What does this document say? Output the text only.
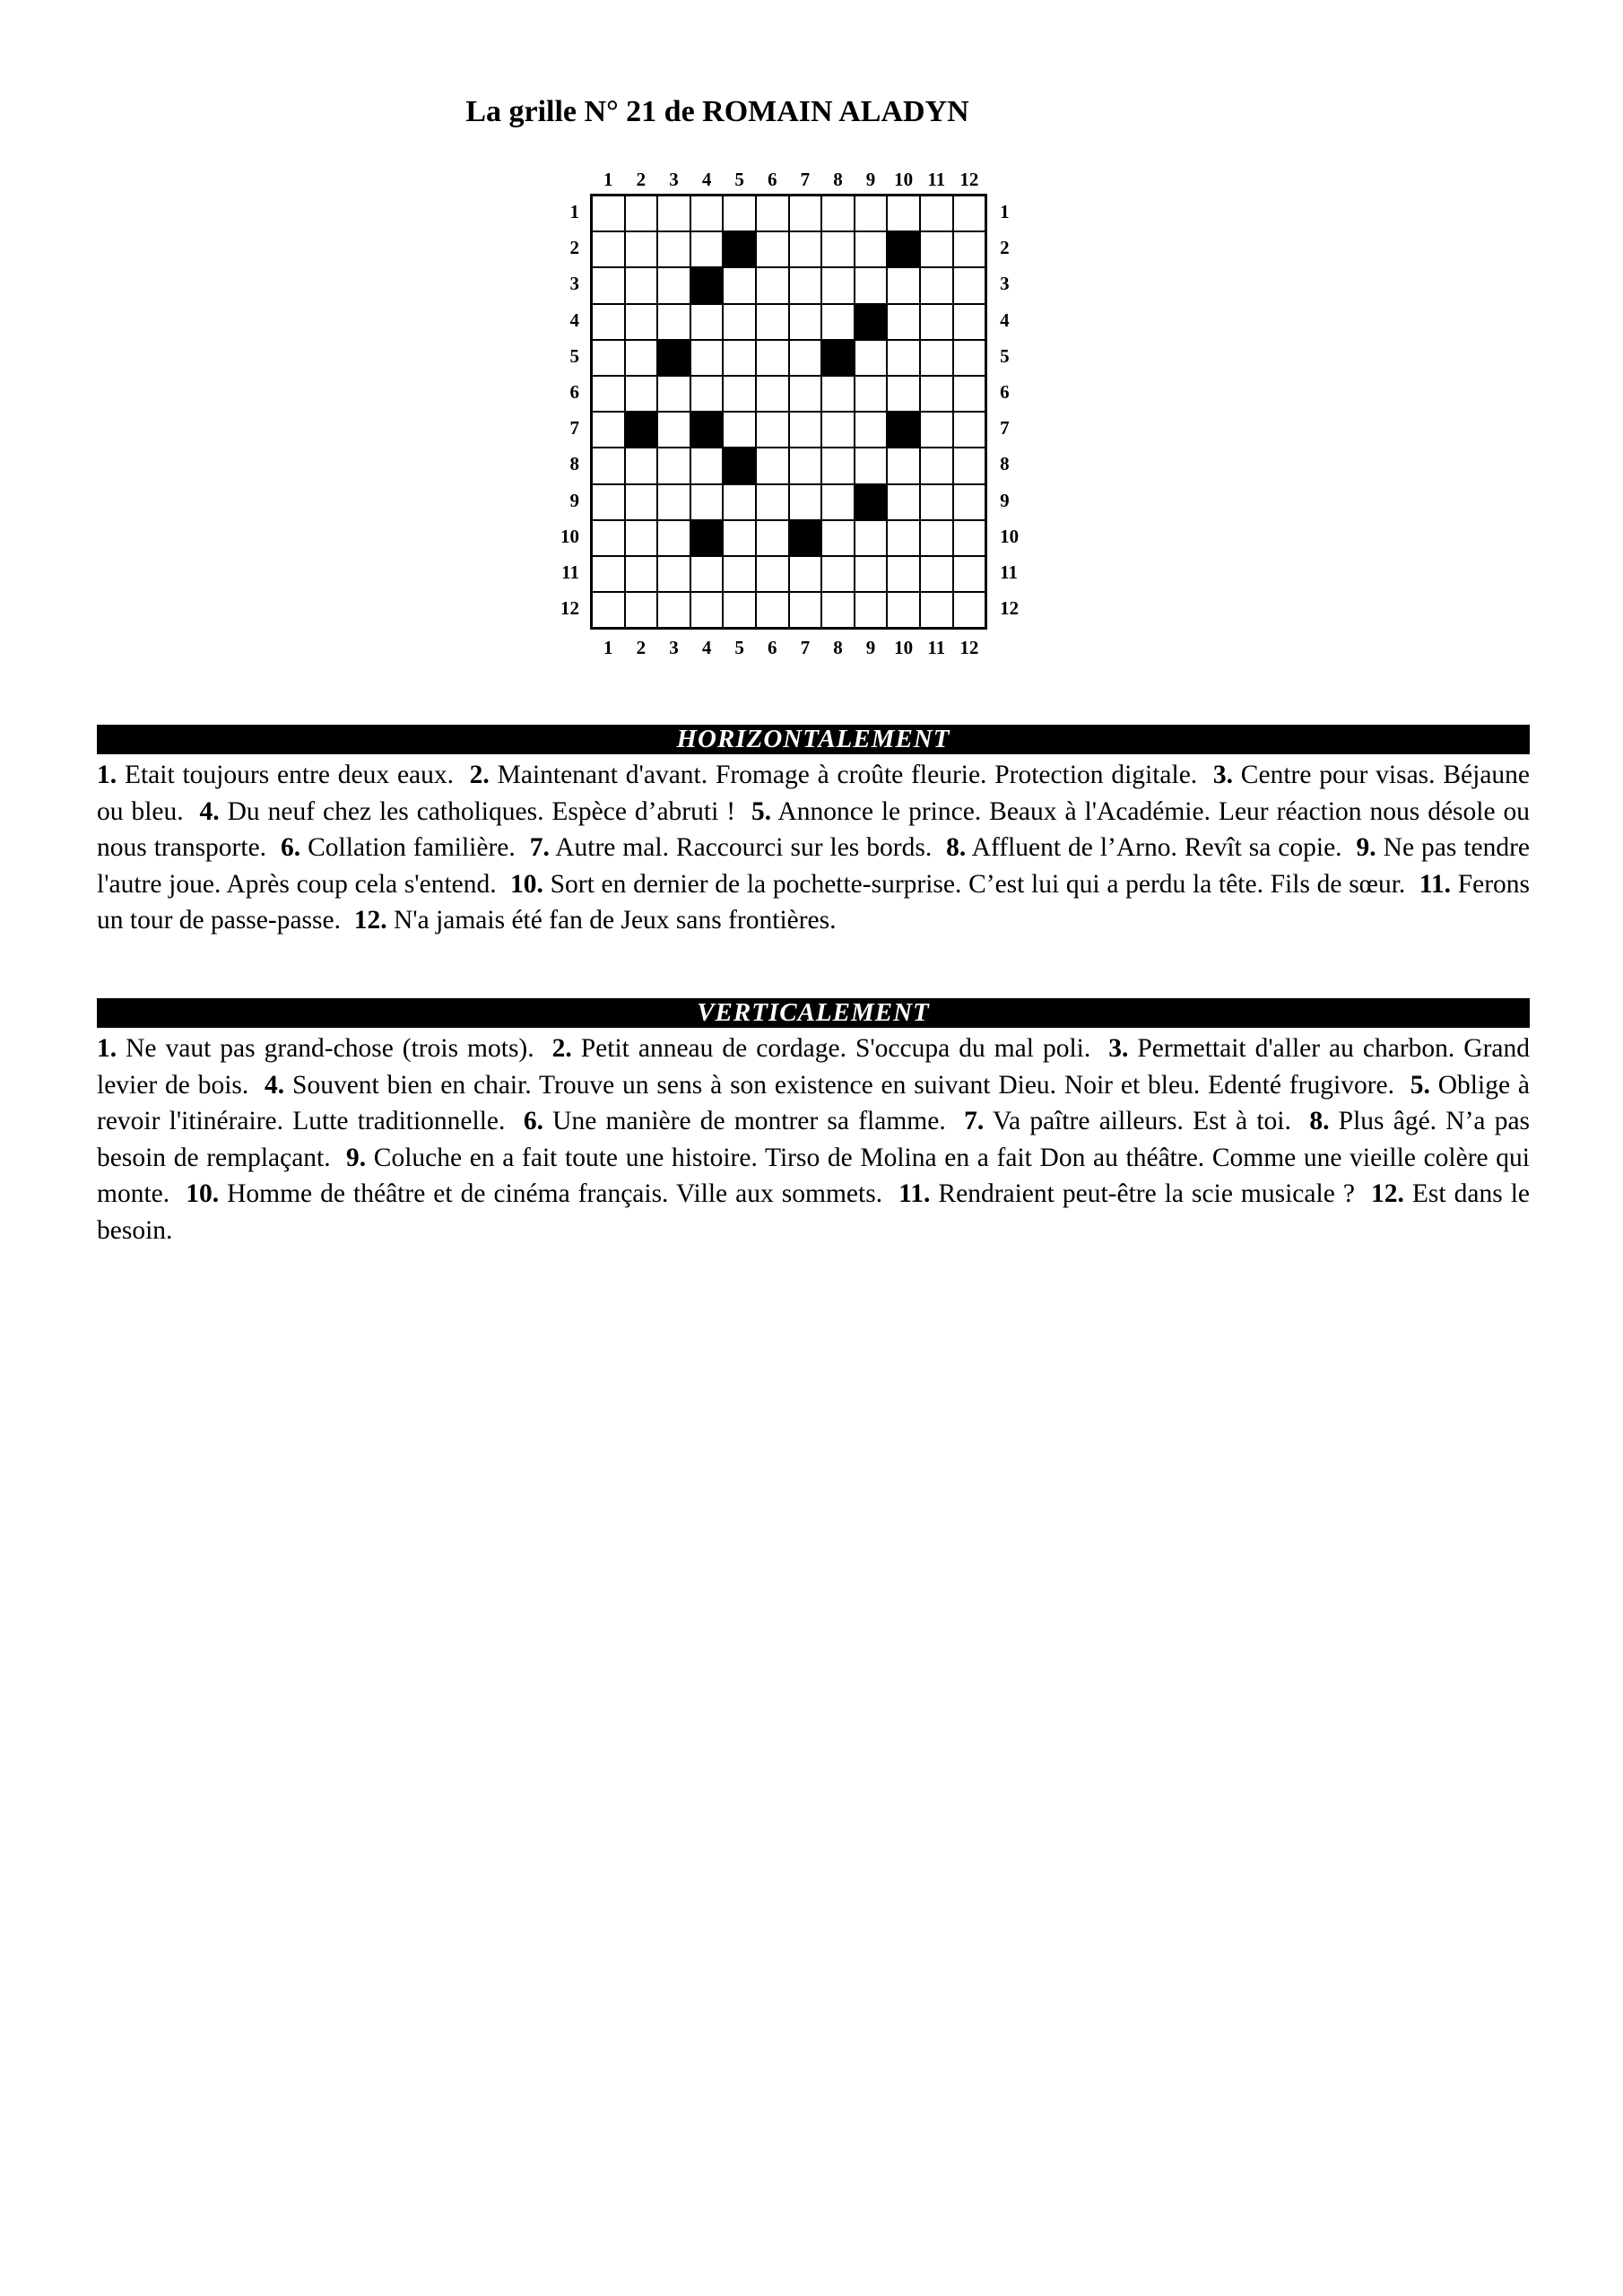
La grille N° 21 de ROMAIN ALADYN
1	2	3	4	5	6	7	8	9 10 11 12
1
2
3
4
5
6
7
8
9
10
11
12
1
2
3
4
5
6
7
8
9
10
11
12
1	2	3	4	5	6	7	8	9 10 11 12
HORIZONTALEMENT

1. Etait toujours entre deux eaux. 2. Maintenant d'avant. Fromage à croûte fleurie. Protection digitale. 3. Centre pour visas. Béjaune ou bleu. 4. Du neuf chez les catholiques. Espèce d’abruti ! 5. Annonce le prince. Beaux à l'Académie. Leur réaction nous désole ou nous transporte. 6. Collation familière. 7. Autre mal. Raccourci sur les bords. 8. Affluent de l’Arno. Revît sa copie. 9. Ne pas tendre l'autre joue. Après coup cela s'entend. 10. Sort en dernier de la pochette-surprise. C’est lui qui a perdu la tête. Fils de sœur. 11. Ferons un tour de passe-passe. 12. N'a jamais été fan de Jeux sans frontières.

VERTICALEMENT

1. Ne vaut pas grand-chose (trois mots). 2. Petit anneau de cordage. S'occupa du mal poli. 3. Permettait d'aller au charbon. Grand levier de bois. 4. Souvent bien en chair. Trouve un sens à son existence en suivant Dieu. Noir et bleu. Edenté frugivore. 5. Oblige à revoir l'itinéraire. Lutte traditionnelle. 6. Une manière de montrer sa flamme. 7. Va paître ailleurs. Est à toi. 8. Plus âgé. N’a pas besoin de remplaçant. 9. Coluche en a fait toute une histoire. Tirso de Molina en a fait Don au théâtre. Comme une vieille colère qui monte. 10. Homme de théâtre et de cinéma français. Ville aux sommets. 11. Rendraient peut-être la scie musicale ? 12. Est dans le besoin.
